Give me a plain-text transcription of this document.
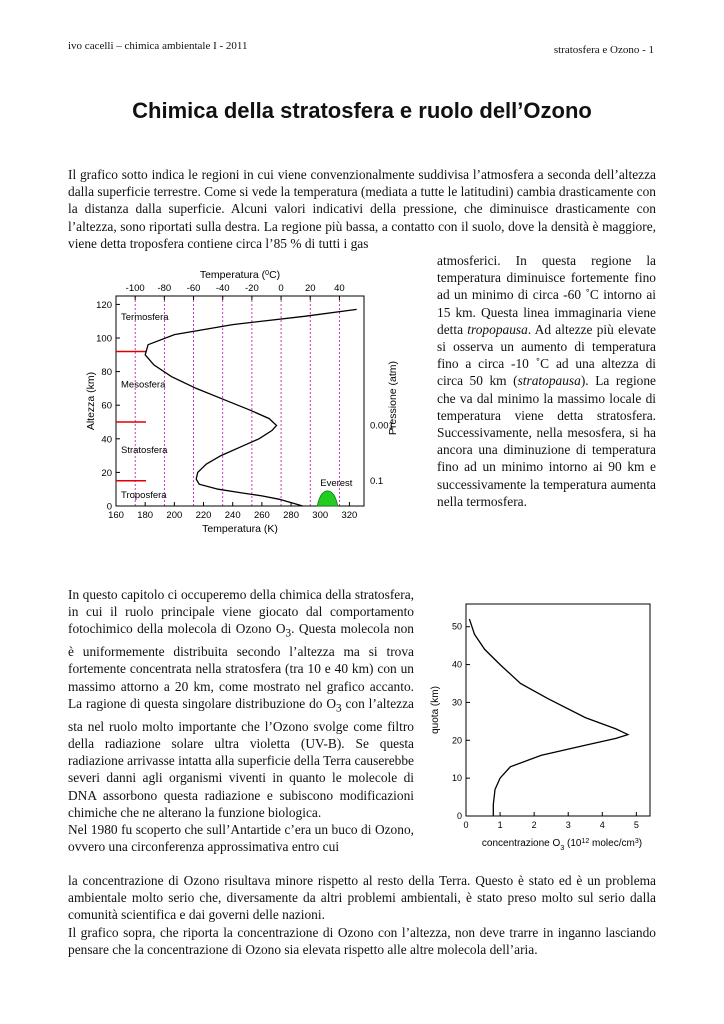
ivo cacelli – chimica ambientale I - 2011	stratosfera e Ozono - 1
Chimica della stratosfera e ruolo dell’Ozono

Il grafico sotto indica le regioni in cui viene convenzionalmente suddivisa l’atmosfera a seconda dell’altezza dalla superficie terrestre. Come si vede la temperatura (mediata a tutte le latitudini) cambia drasticamente con la distanza dalla superficie. Alcuni valori indicativi della pressione, che diminuisce drasticamente con l’altezza, sono riportati sulla destra. La regione più bassa, a contatto con il suolo, dove la densità è maggiore, viene detta troposfera contiene circa l’85 % di tutti i gas

atmosferici. In questa regione la temperatura diminuisce fortemente fino ad un minimo di circa -60 ˚C intorno ai 15 km. Questa linea immaginaria viene detta tropopausa. Ad altezze più elevate si osserva un aumento di temperatura fino a circa -10 ˚C ad una altezza di circa 50 km (stratopausa). La regione che va dal minimo la massimo locale di temperatura viene detta stratosfera. Successivamente, nella mesosfera, si ha ancora una diminuzione di temperatura fino ad un minimo intorno ai 90 km e successivamente la temperatura aumenta nella termosfera.

160 180 200 220 240 260 280 300 320
-100 -80 -60 -40 -20 0 20 40
0
20
40
60
80
100
120
Temperatura (K)
Temperatura ($^0$C)
Altezza (km)	Pressione (atm)
Termosfera
Mesosfera
Stratosfera
Troposfera
0.001
0.1
Everest

In questo capitolo ci occuperemo della chimica della stratosfera, in cui il ruolo principale viene giocato dal comportamento fotochimico della molecola di Ozono $O_3$. Questa molecola non è uniformemente distribuita secondo l’altezza ma si trova fortemente concentrata nella stratosfera (tra 10 e 40 km) con un massimo attorno a 20 km, come mostrato nel grafico accanto. La ragione di questa singolare distribuzione do $O_3$ con l’altezza sta nel ruolo molto importante che l’Ozono svolge come filtro della radiazione solare ultra violetta (UV-B). Se questa radiazione arrivasse intatta alla superficie della Terra causerebbe severi danni agli organismi viventi in quanto le molecole di DNA assorbono questa radiazione e subiscono modificazioni chimiche che ne alterano la funzione biologica.
Nel 1980 fu scoperto che sull’Antartide c’era un buco di Ozono, ovvero una circonferenza approssimativa entro cui

la concentrazione di Ozono risultava minore rispetto al resto della Terra. Questo è stato ed è un problema ambientale molto serio che, diversamente da altri problemi ambientali, è stato preso molto sul serio dalla comunità scientifica e dai governi delle nazioni.
Il grafico sopra, che riporta la concentrazione di Ozono con l’altezza, non deve trarre in inganno lasciando pensare che la concentrazione di Ozono sia elevata rispetto alle altre molecola dell’aria.

0	1	2	3	4	5
0
10
20
30
40
50
quota (km)
concentrazione $O_3$ ($10^{12}$ molec/$cm^3$)
